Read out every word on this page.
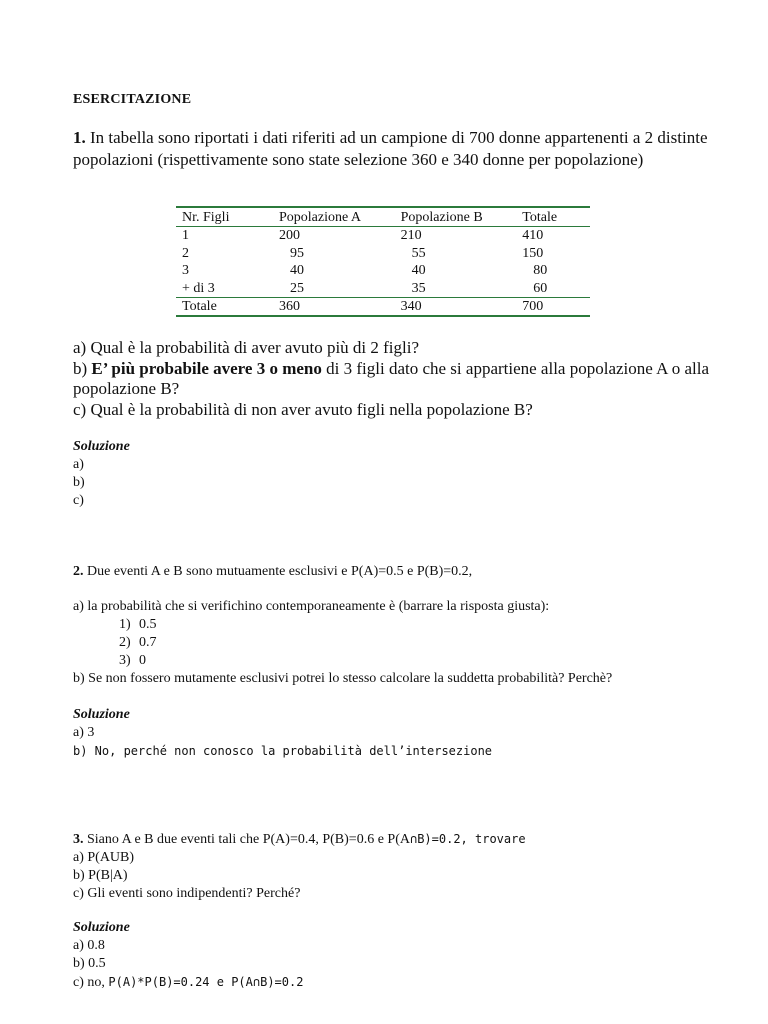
ESERCITAZIONE
1. In tabella sono riportati i dati riferiti ad un campione di 700 donne appartenenti a 2 distinte popolazioni (rispettivamente sono state selezione 360 e 340 donne per popolazione)
Nr. Figli	Popolazione A	Popolazione B	Totale
1	200	210	410
2	95	55	150
3	40	40	80
+ di 3	25	35	60
Totale	360	340	700
a) Qual è la probabilità di aver avuto più di 2 figli?
b) E’ più probabile avere 3 o meno di 3 figli dato che si appartiene alla popolazione A o alla popolazione B?
c) Qual è la probabilità di non aver avuto figli nella popolazione B?
Soluzione
a)
b)
c)
2. Due eventi A e B sono mutuamente esclusivi e P(A)=0.5 e P(B)=0.2,
a) la probabilità che si verifichino contemporaneamente è (barrare la risposta giusta):
1) 0.5
2) 0.7
3) 0
b) Se non fossero mutamente esclusivi potrei lo stesso calcolare la suddetta probabilità? Perchè?
Soluzione
a) 3
b) No, perché non conosco la probabilità dell’intersezione
3. Siano A e B due eventi tali che P(A)=0.4, P(B)=0.6 e P(A∩B)=0.2, trovare
a) P(AUB)
b) P(B|A)
c) Gli eventi sono indipendenti? Perché?
Soluzione
a) 0.8
b) 0.5
c) no, P(A)*P(B)=0.24 e P(A∩B)=0.2
